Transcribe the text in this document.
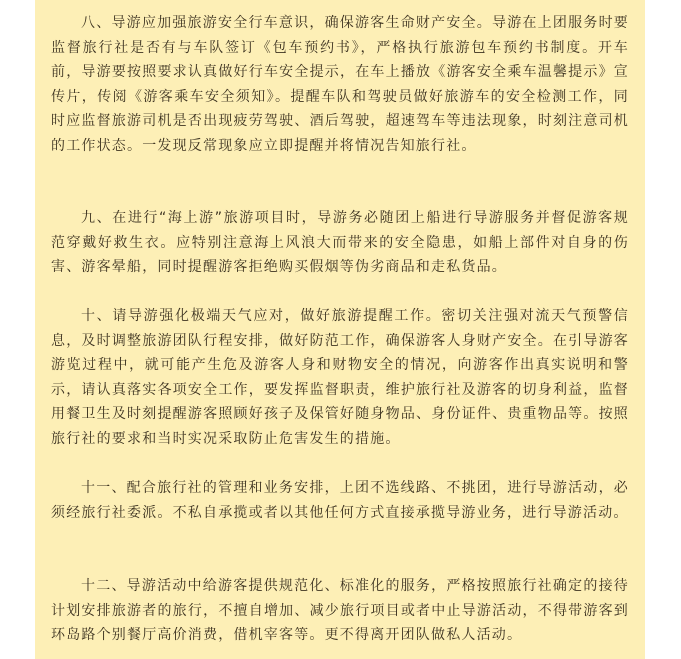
八、导游应加强旅游安全行车意识，确保游客生命财产安全。导游在上团服务时要监督旅行社是否有与车队签订《包车预约书》，严格执行旅游包车预约书制度。开车前，导游要按照要求认真做好行车安全提示，在车上播放《游客安全乘车温馨提示》宣传片，传阅《游客乘车安全须知》。提醒车队和驾驶员做好旅游车的安全检测工作，同时应监督旅游司机是否出现疲劳驾驶、酒后驾驶，超速驾车等违法现象，时刻注意司机的工作状态。一发现反常现象应立即提醒并将情况告知旅行社。

九、在进行“海上游”旅游项目时，导游务必随团上船进行导游服务并督促游客规范穿戴好救生衣。应特别注意海上风浪大而带来的安全隐患，如船上部件对自身的伤害、游客晕船，同时提醒游客拒绝购买假烟等伪劣商品和走私货品。

十、请导游强化极端天气应对，做好旅游提醒工作。密切关注强对流天气预警信息，及时调整旅游团队行程安排，做好防范工作，确保游客人身财产安全。在引导游客游览过程中，就可能产生危及游客人身和财物安全的情况，向游客作出真实说明和警示，请认真落实各项安全工作，要发挥监督职责，维护旅行社及游客的切身利益，监督用餐卫生及时刻提醒游客照顾好孩子及保管好随身物品、身份证件、贵重物品等。按照旅行社的要求和当时实况采取防止危害发生的措施。

十一、配合旅行社的管理和业务安排，上团不选线路、不挑团，进行导游活动，必须经旅行社委派。不私自承揽或者以其他任何方式直接承揽导游业务，进行导游活动。

十二、导游活动中给游客提供规范化、标准化的服务，严格按照旅行社确定的接待计划安排旅游者的旅行，不擅自增加、减少旅行项目或者中止导游活动，不得带游客到环岛路个别餐厅高价消费，借机宰客等。更不得离开团队做私人活动。
